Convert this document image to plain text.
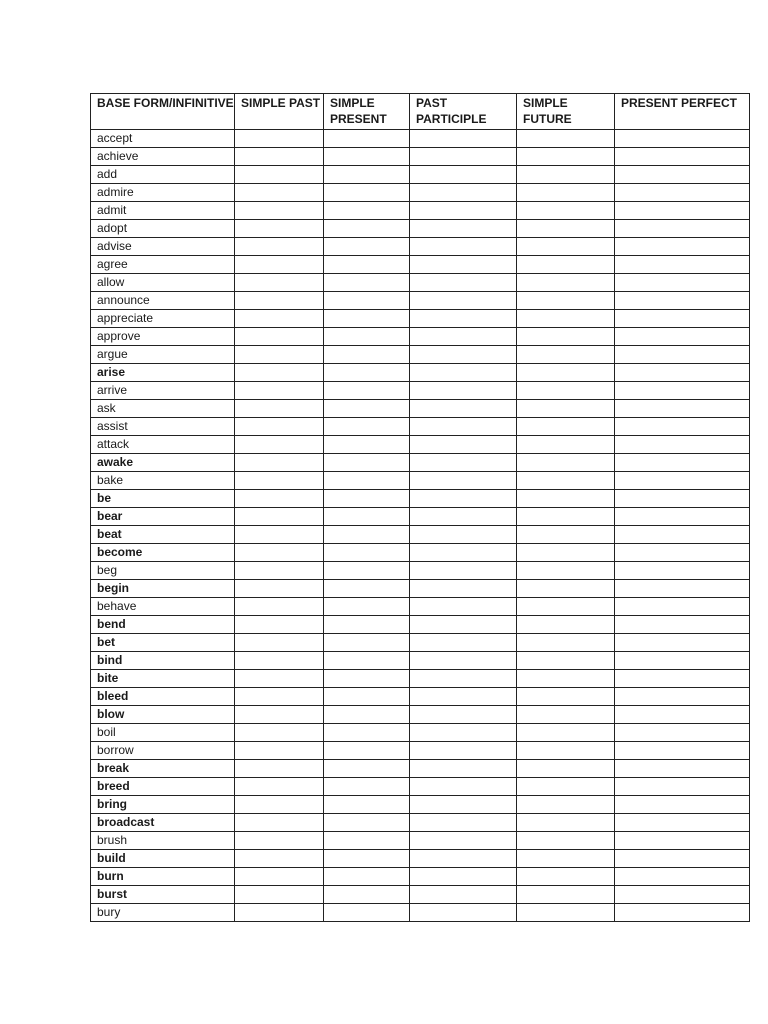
BASE FORM/INFINITIVE	SIMPLE PAST	SIMPLE PRESENT	PAST PARTICIPLE	SIMPLE FUTURE	PRESENT PERFECT
accept					
achieve					
add					
admire					
admit					
adopt					
advise					
agree					
allow					
announce					
appreciate					
approve					
argue					
arise					
arrive					
ask					
assist					
attack					
awake					
bake					
be					
bear					
beat					
become					
beg					
begin					
behave					
bend					
bet					
bind					
bite					
bleed					
blow					
boil					
borrow					
break					
breed					
bring					
broadcast					
brush					
build					
burn					
burst					
bury					
